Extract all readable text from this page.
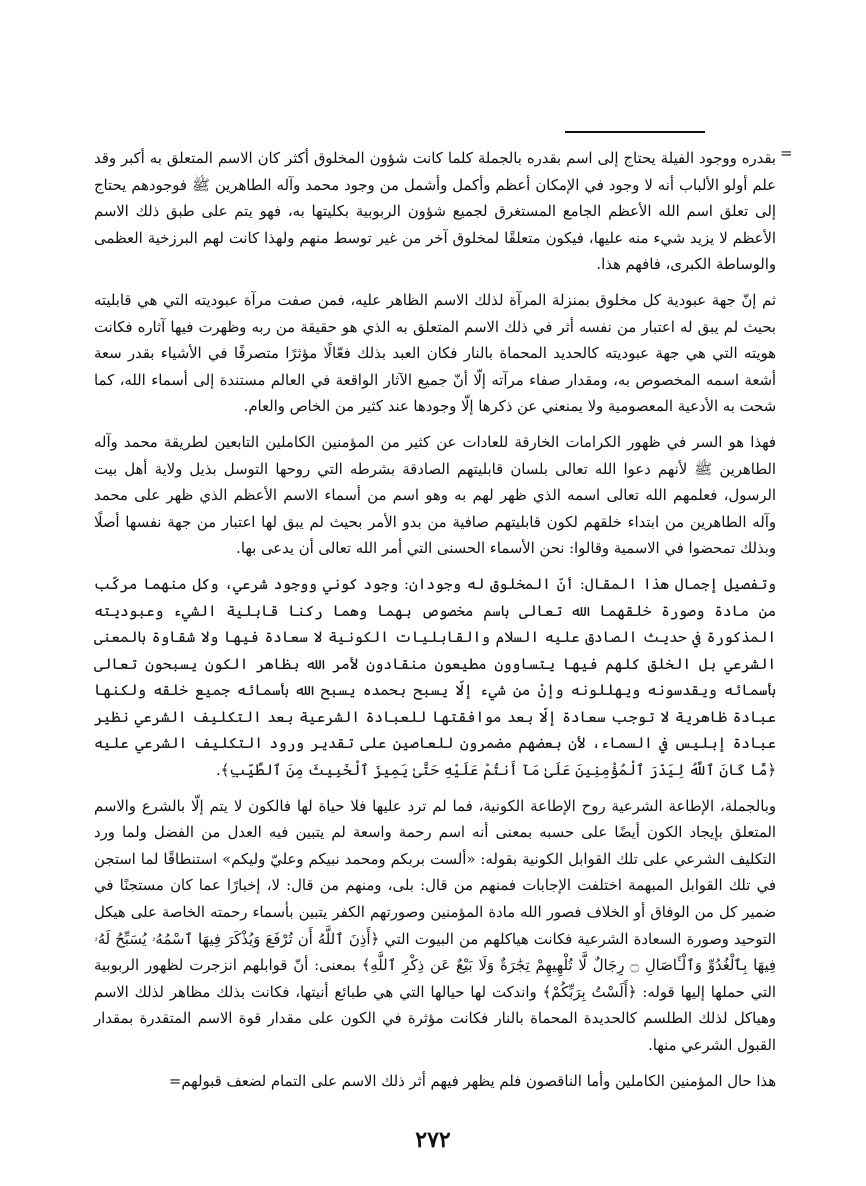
=

بقدره ووجود الفيلة يحتاج إلى اسم بقدره بالجملة كلما كانت شؤون المخلوق أكثر كان الاسم المتعلق به أكبر وقد علم أولو الألباب أنه لا وجود في الإمكان أعظم وأكمل وأشمل من وجود محمد وآله الطاهرين ﷺ فوجودهم يحتاج إلى تعلق اسم الله الأعظم الجامع المستغرق لجميع شؤون الربوبية بكليتها به، فهو يتم على طبق ذلك الاسم الأعظم لا يزيد شيء منه عليها، فيكون متعلقًا لمخلوق آخر من غير توسط منهم ولهذا كانت لهم البرزخية العظمى والوساطة الكبرى، فافهم هذا.

ثم إنّ جهة عبودية كل مخلوق بمنزلة المرآة لذلك الاسم الظاهر عليه، فمن صفت مرآة عبوديته التي هي قابليته بحيث لم يبق له اعتبار من نفسه أثر في ذلك الاسم المتعلق به الذي هو حقيقة من ربه وظهرت فيها آثاره فكانت هويته التي هي جهة عبوديته كالحديد المحماة بالنار فكان العبد بذلك فعّالًا مؤثرًا متصرفًا في الأشياء بقدر سعة أشعة اسمه المخصوص به، ومقدار صفاء مرآته إلّا أنّ جميع الآثار الواقعة في العالم مستندة إلى أسماء الله، كما شحت به الأدعية المعصومية ولا يمنعني عن ذكرها إلّا وجودها عند كثير من الخاص والعام.

فهذا هو السر في ظهور الكرامات الخارقة للعادات عن كثير من المؤمنين الكاملين التابعين لطريقة محمد وآله الطاهرين ﷺ لأنهم دعوا الله تعالى بلسان قابليتهم الصادقة بشرطه التي روحها التوسل بذيل ولاية أهل بيت الرسول، فعلمهم الله تعالى اسمه الذي ظهر لهم به وهو اسم من أسماء الاسم الأعظم الذي ظهر على محمد وآله الطاهرين من ابتداء خلقهم لكون قابليتهم صافية من بدو الأمر بحيث لم يبق لها اعتبار من جهة نفسها أصلًا وبذلك تمحضوا في الاسمية وقالوا: نحن الأسماء الحسنى التي أمر الله تعالى أن يدعى بها.

وتفصيل إجمال هذا المقال: أنّ المخلوق له وجودان: وجود كوني ووجود شرعي، وكل منهما مركّب من مادة وصورة خلقهما الله تعالى باسم مخصوص بهما وهما ركنا قابلية الشيء وعبوديته المذكورة في حديث الصادق عليه السلام والقابليات الكونية لا سعادة فيها ولا شقاوة بالمعنى الشرعي بل الخلق كلهم فيها يتساوون مطيعون منقادون لأمر الله بظاهر الكون يسبحون تعالى بأسمائه ويقدسونه ويهللونه وإنْ من شيء إلّا يسبح بحمده يسبح الله بأسمائه جميع خلقه ولكنها عبادة ظاهرية لا توجب سعادة إلّا بعد موافقتها للعبادة الشرعية بعد التكليف الشرعي نظير عبادة إبليس في السماء، لأن بعضهم مضمرون للعاصين على تقدير ورود التكليف الشرعي عليه ﴿مَّا كَانَ ٱللَّهُ لِيَذَرَ ٱلْمُؤْمِنِينَ عَلَىٰ مَآ أَنتُمْ عَلَيْهِ حَتَّىٰ يَمِيزَ ٱلْخَبِيثَ مِنَ ٱلطَّيِّبِ﴾.

وبالجملة، الإطاعة الشرعية روح الإطاعة الكونية، فما لم ترد عليها فلا حياة لها فالكون لا يتم إلّا بالشرع والاسم المتعلق بإيجاد الكون أيضًا على حسبه بمعنى أنه اسم رحمة واسعة لم يتبين فيه العدل من الفضل ولما ورد التكليف الشرعي على تلك القوابل الكونية بقوله: «ألست بربكم ومحمد نبيكم وعليّ وليكم» استنطاقًا لما استجن في تلك القوابل المبهمة اختلفت الإجابات فمنهم من قال: بلى، ومنهم من قال: لا، إخبارًا عما كان مستجنًا في ضمير كل من الوفاق أو الخلاف فصور الله مادة المؤمنين وصورتهم الكفر يتبين بأسماء رحمته الخاصة على هيكل التوحيد وصورة السعادة الشرعية فكانت هياكلهم من البيوت التي ﴿أَذِنَ ٱللَّهُ أَن تُرْفَعَ وَيُذْكَرَ فِيهَا ٱسْمُهُۥ يُسَبِّحُ لَهُۥ فِيهَا بِٱلْغُدُوِّ وَٱلْـَٔاصَالِ ۝ رِجَالٌ لَّا تُلْهِيهِمْ تِجَٰرَةٌ وَلَا بَيْعٌ عَن ذِكْرِ ٱللَّهِ﴾ بمعنى: أنّ قوابلهم انزجرت لظهور الربوبية التي حملها إليها قوله: ﴿أَلَسْتُ بِرَبِّكُمْ﴾ واندكت لها حيالها التي هي طبائع أنيتها، فكانت بذلك مظاهر لذلك الاسم وهياكل لذلك الطلسم كالحديدة المحماة بالنار فكانت مؤثرة في الكون على مقدار قوة الاسم المتقدرة بمقدار القبول الشرعي منها.

هذا حال المؤمنين الكاملين وأما الناقصون فلم يظهر فيهم أثر ذلك الاسم على التمام لضعف قبولهم=

٢٧٢
